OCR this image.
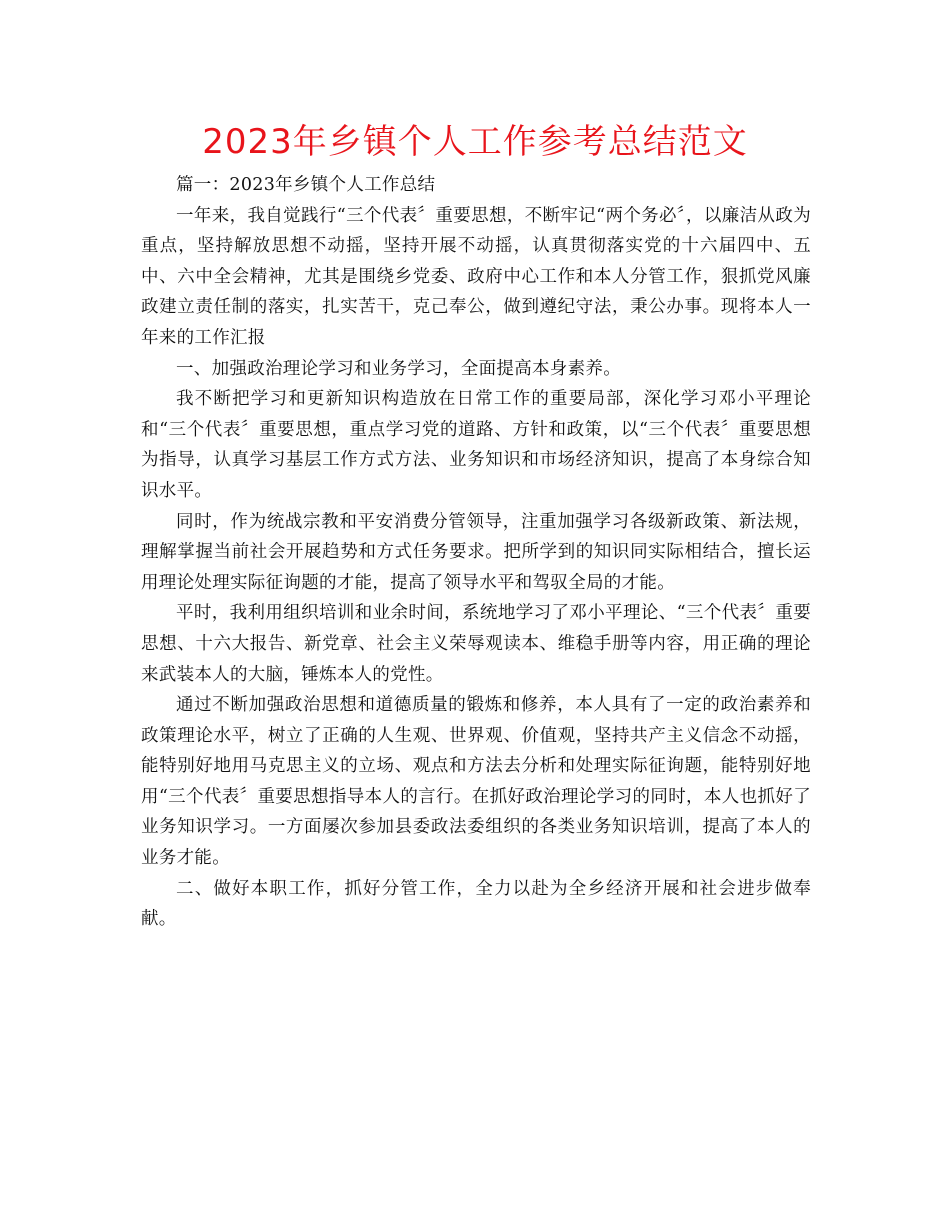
2023年乡镇个人工作参考总结范文

篇一：2023年乡镇个人工作总结

一年来，我自觉践行“三个代表〞重要思想，不断牢记“两个务必〞，以廉洁从政为重点，坚持解放思想不动摇，坚持开展不动摇，认真贯彻落实党的十六届四中、五中、六中全会精神，尤其是围绕乡党委、政府中心工作和本人分管工作，狠抓党风廉政建立责任制的落实，扎实苦干，克己奉公，做到遵纪守法，秉公办事。现将本人一年来的工作汇报

一、加强政治理论学习和业务学习，全面提高本身素养。

我不断把学习和更新知识构造放在日常工作的重要局部，深化学习邓小平理论和“三个代表〞重要思想，重点学习党的道路、方针和政策，以“三个代表〞重要思想为指导，认真学习基层工作方式方法、业务知识和市场经济知识，提高了本身综合知识水平。

同时，作为统战宗教和平安消费分管领导，注重加强学习各级新政策、新法规，理解掌握当前社会开展趋势和方式任务要求。把所学到的知识同实际相结合，擅长运用理论处理实际征询题的才能，提高了领导水平和驾驭全局的才能。

平时，我利用组织培训和业余时间，系统地学习了邓小平理论、“三个代表〞重要思想、十六大报告、新党章、社会主义荣辱观读本、维稳手册等内容，用正确的理论来武装本人的大脑，锤炼本人的党性。

通过不断加强政治思想和道德质量的锻炼和修养，本人具有了一定的政治素养和政策理论水平，树立了正确的人生观、世界观、价值观，坚持共产主义信念不动摇，能特别好地用马克思主义的立场、观点和方法去分析和处理实际征询题，能特别好地用“三个代表〞重要思想指导本人的言行。在抓好政治理论学习的同时，本人也抓好了业务知识学习。一方面屡次参加县委政法委组织的各类业务知识培训，提高了本人的业务才能。

二、做好本职工作，抓好分管工作，全力以赴为全乡经济开展和社会进步做奉献。
